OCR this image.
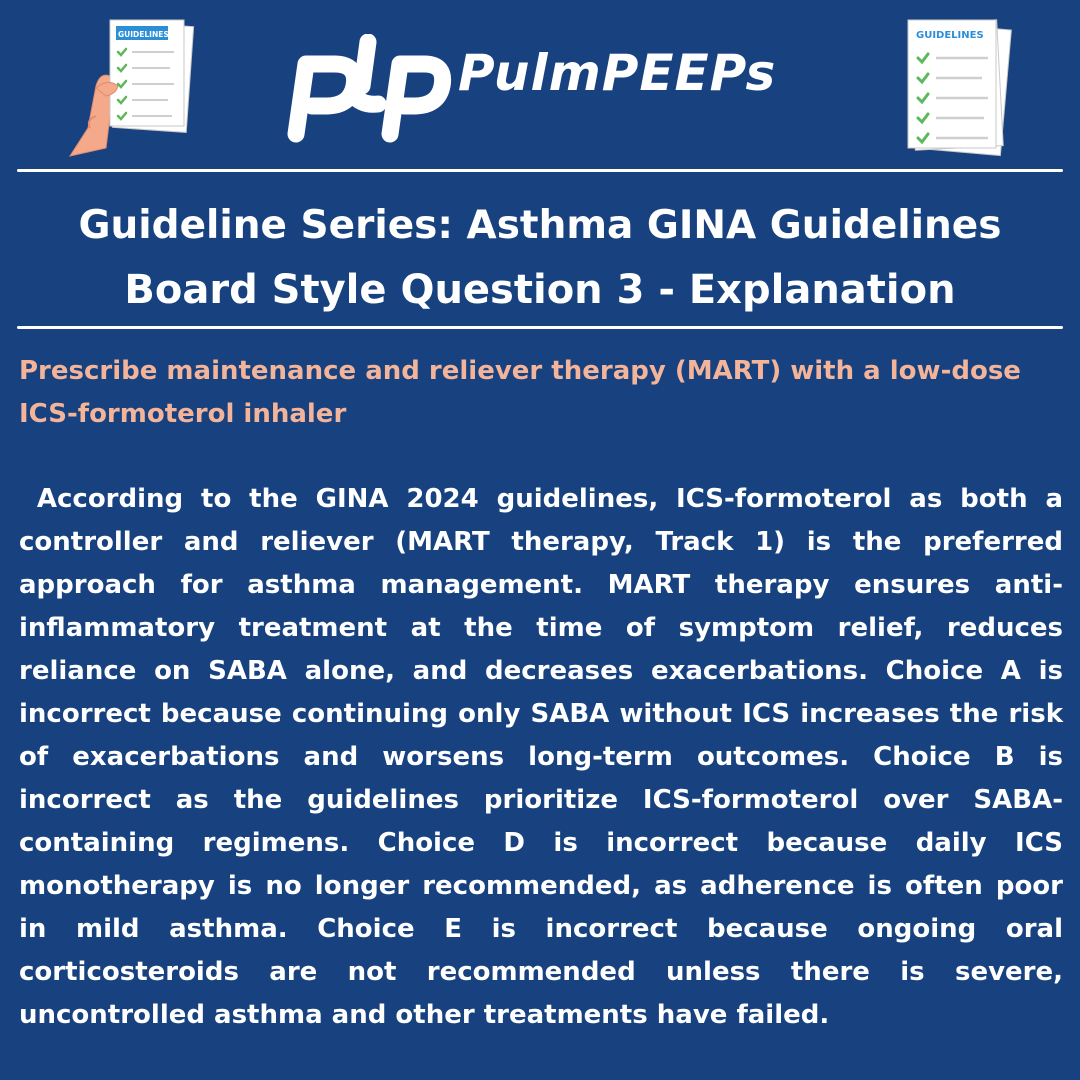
GUIDELINES
PulmPEEPs
GUIDELINES
Guideline Series: Asthma GINA Guidelines
Board Style Question 3 - Explanation
Prescribe maintenance and reliever therapy (MART) with a low-dose ICS-formoterol inhaler
According to the GINA 2024 guidelines, ICS-formoterol as both a controller and reliever (MART therapy, Track 1) is the preferred approach for asthma management. MART therapy ensures anti-inflammatory treatment at the time of symptom relief, reduces reliance on SABA alone, and decreases exacerbations. Choice A is incorrect because continuing only SABA without ICS increases the risk of exacerbations and worsens long-term outcomes. Choice B is incorrect as the guidelines prioritize ICS-formoterol over SABA-containing regimens. Choice D is incorrect because daily ICS monotherapy is no longer recommended, as adherence is often poor in mild asthma. Choice E is incorrect because ongoing oral corticosteroids are not recommended unless there is severe, uncontrolled asthma and other treatments have failed.
